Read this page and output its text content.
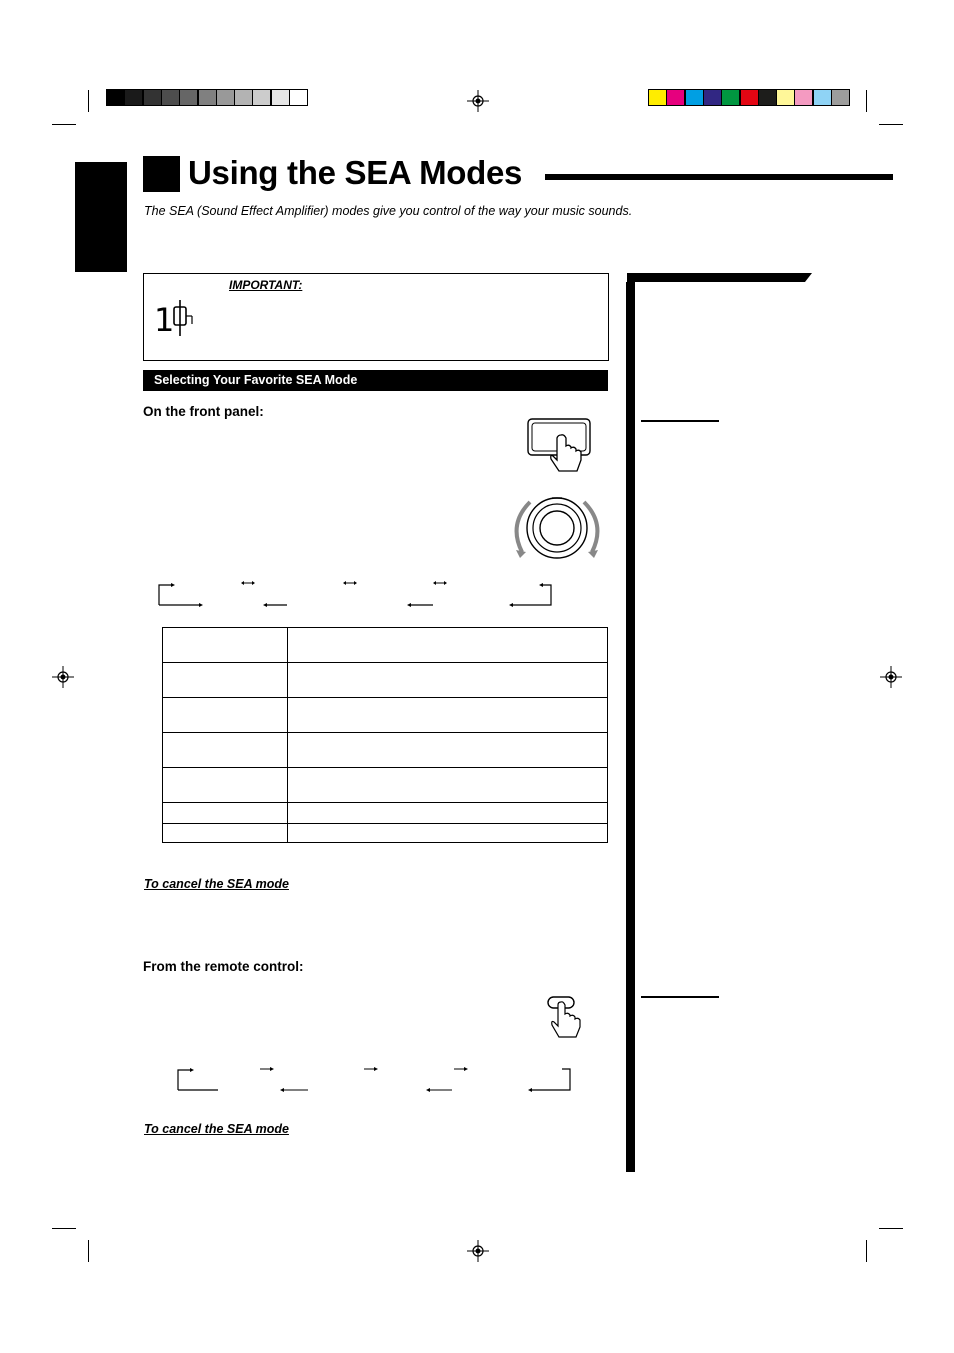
Using the SEA Modes
The SEA (Sound Effect Amplifier) modes give you control of the way your music sounds.
IMPORTANT:
1
Selecting Your Favorite SEA Mode
On the front panel:

To cancel the SEA mode
From the remote control:
To cancel the SEA mode
